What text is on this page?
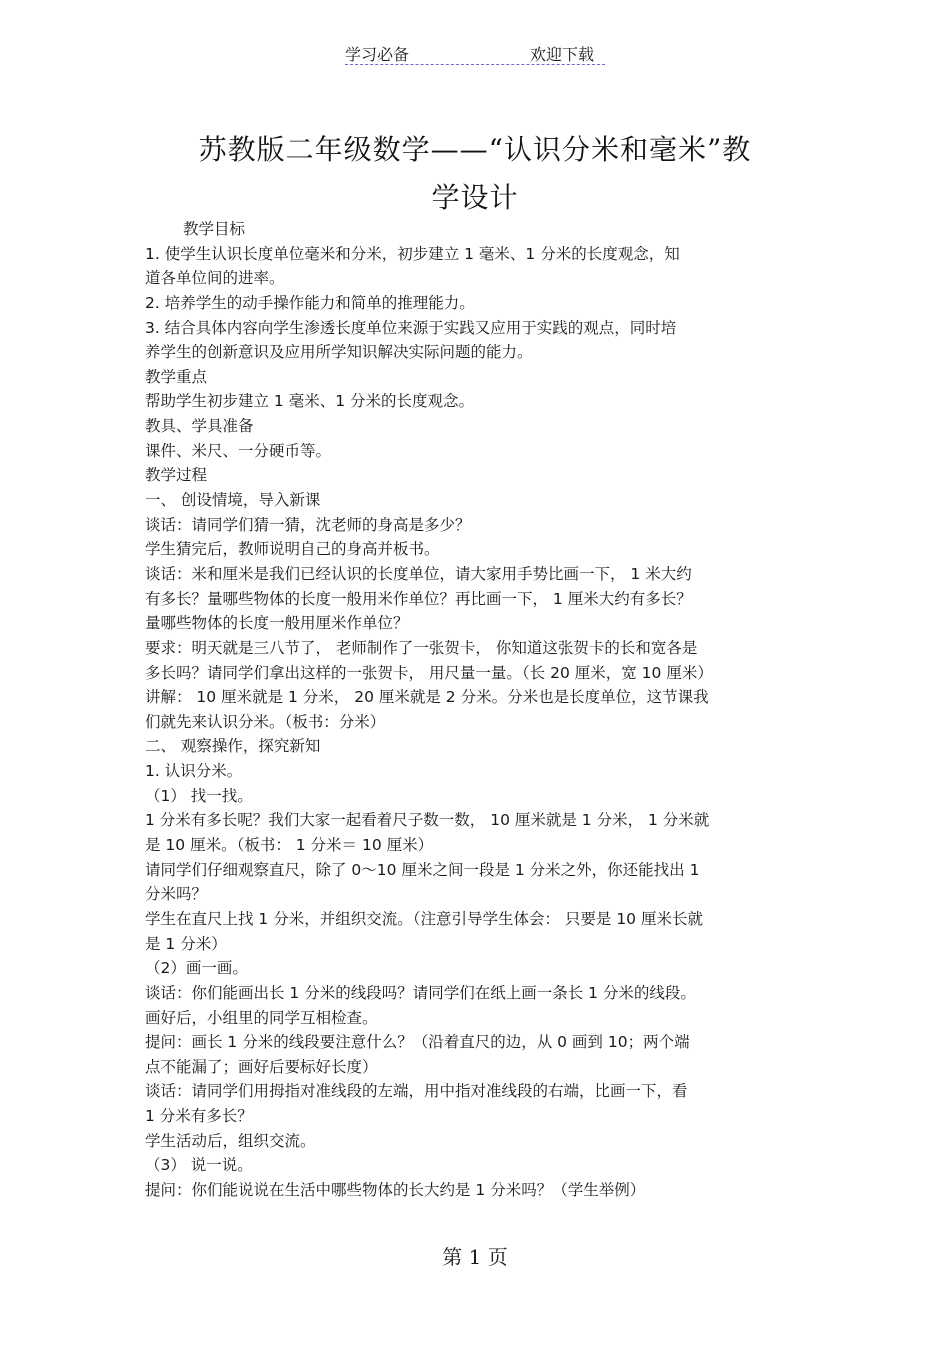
学习必备	欢迎下载
苏教版二年级数学——“认识分米和毫米”教
学设计
教学目标
1. 使学生认识长度单位毫米和分米，初步建立 1 毫米、1 分米的长度观念，知
道各单位间的进率。
2. 培养学生的动手操作能力和简单的推理能力。
3. 结合具体内容向学生渗透长度单位来源于实践又应用于实践的观点，同时培
养学生的创新意识及应用所学知识解决实际问题的能力。
教学重点
帮助学生初步建立 1 毫米、1 分米的长度观念。
教具、学具准备
课件、米尺、一分硬币等。
教学过程
一、 创设情境，导入新课
谈话：请同学们猜一猜，沈老师的身高是多少？
学生猜完后，教师说明自己的身高并板书。
谈话：米和厘米是我们已经认识的长度单位，请大家用手势比画一下， 1 米大约
有多长？量哪些物体的长度一般用米作单位？再比画一下， 1 厘米大约有多长？
量哪些物体的长度一般用厘米作单位？
要求：明天就是三八节了， 老师制作了一张贺卡， 你知道这张贺卡的长和宽各是
多长吗？请同学们拿出这样的一张贺卡， 用尺量一量。（长 20 厘米，宽 10 厘米）
讲解： 10 厘米就是 1 分米， 20 厘米就是 2 分米。分米也是长度单位，这节课我
们就先来认识分米。（板书：分米）
二、 观察操作，探究新知
1. 认识分米。
（1） 找一找。
1 分米有多长呢？我们大家一起看着尺子数一数， 10 厘米就是 1 分米， 1 分米就
是 10 厘米。（板书： 1 分米＝ 10 厘米）
请同学们仔细观察直尺，除了 0～10 厘米之间一段是 1 分米之外，你还能找出 1
分米吗？
学生在直尺上找 1 分米，并组织交流。（注意引导学生体会： 只要是 10 厘米长就
是 1 分米）
（2）画一画。
谈话：你们能画出长 1 分米的线段吗？请同学们在纸上画一条长 1 分米的线段。
画好后，小组里的同学互相检查。
提问：画长 1 分米的线段要注意什么？（沿着直尺的边，从 0 画到 10；两个端
点不能漏了；画好后要标好长度）
谈话：请同学们用拇指对准线段的左端，用中指对准线段的右端，比画一下，看
1 分米有多长？
学生活动后，组织交流。
（3） 说一说。
提问：你们能说说在生活中哪些物体的长大约是 1 分米吗？（学生举例）
第 1 页
